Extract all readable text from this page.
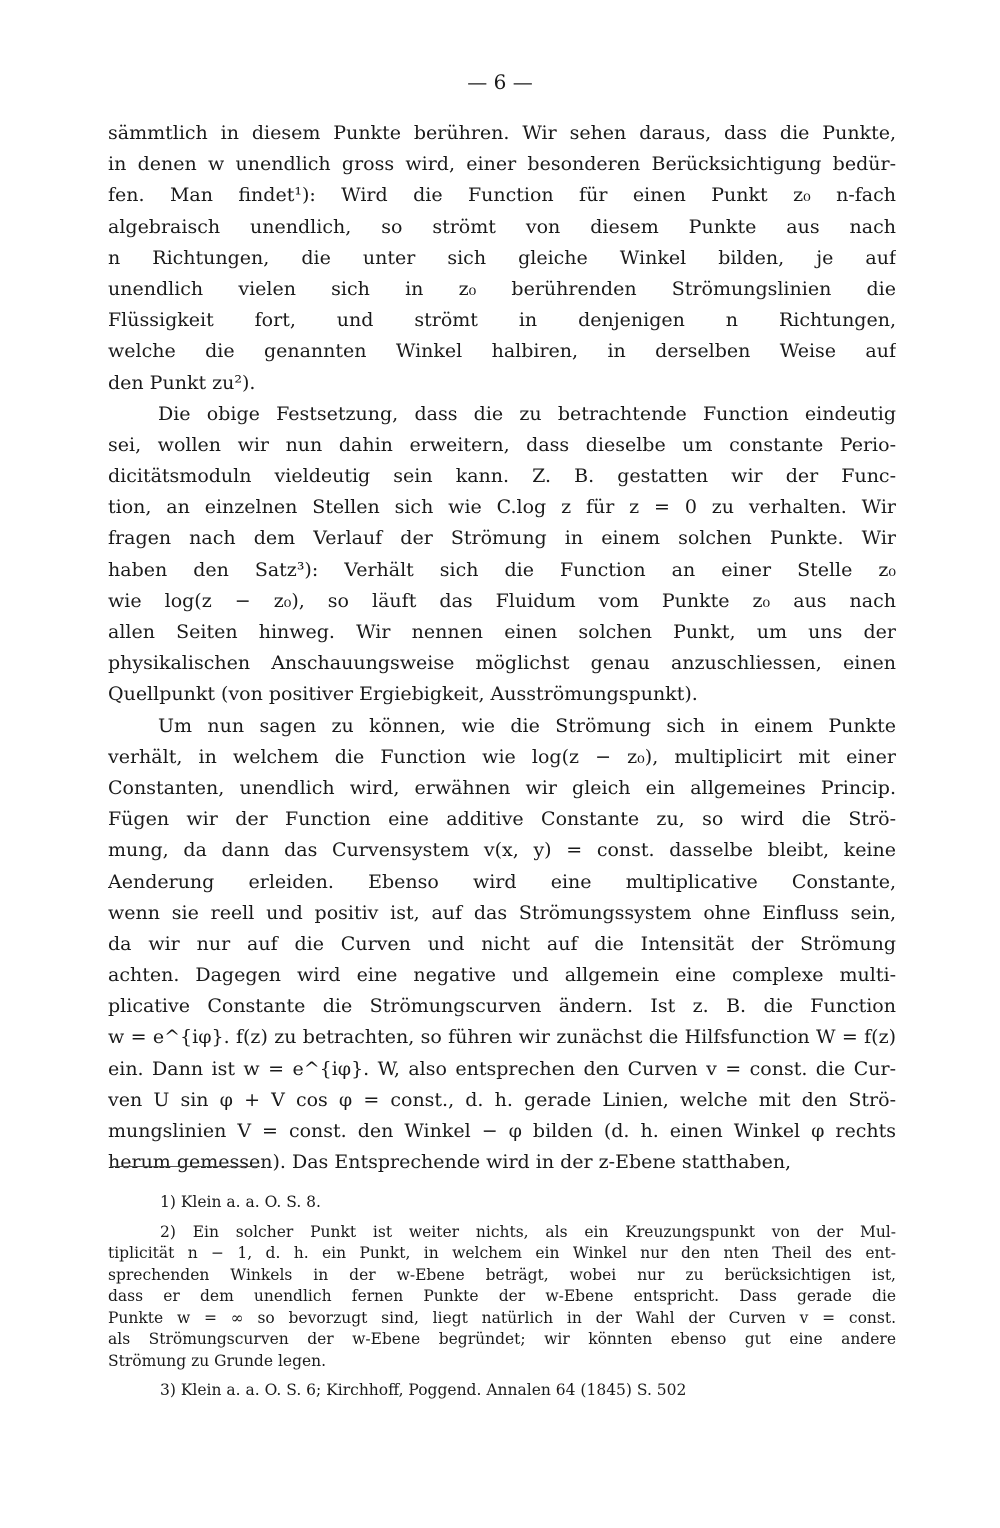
— 6 —
sämmtlich in diesem Punkte berühren. Wir sehen daraus, dass die Punkte,
in denen w unendlich gross wird, einer besonderen Berücksichtigung bedür-
fen. Man findet¹): Wird die Function für einen Punkt z₀ n-fach
algebraisch unendlich, so strömt von diesem Punkte aus nach
n Richtungen, die unter sich gleiche Winkel bilden, je auf
unendlich vielen sich in z₀ berührenden Strömungslinien die
Flüssigkeit fort, und strömt in denjenigen n Richtungen,
welche die genannten Winkel halbiren, in derselben Weise auf
den Punkt zu²).
Die obige Festsetzung, dass die zu betrachtende Function eindeutig
sei, wollen wir nun dahin erweitern, dass dieselbe um constante Perio-
dicitätsmoduln vieldeutig sein kann. Z. B. gestatten wir der Func-
tion, an einzelnen Stellen sich wie C.log z für z = 0 zu verhalten. Wir
fragen nach dem Verlauf der Strömung in einem solchen Punkte. Wir
haben den Satz³): Verhält sich die Function an einer Stelle z₀
wie log(z − z₀), so läuft das Fluidum vom Punkte z₀ aus nach
allen Seiten hinweg. Wir nennen einen solchen Punkt, um uns der
physikalischen Anschauungsweise möglichst genau anzuschliessen, einen
Quellpunkt (von positiver Ergiebigkeit, Ausströmungspunkt).
Um nun sagen zu können, wie die Strömung sich in einem Punkte
verhält, in welchem die Function wie log(z − z₀), multiplicirt mit einer
Constanten, unendlich wird, erwähnen wir gleich ein allgemeines Princip.
Fügen wir der Function eine additive Constante zu, so wird die Strö-
mung, da dann das Curvensystem v(x, y) = const. dasselbe bleibt, keine
Aenderung erleiden. Ebenso wird eine multiplicative Constante,
wenn sie reell und positiv ist, auf das Strömungssystem ohne Einfluss sein,
da wir nur auf die Curven und nicht auf die Intensität der Strömung
achten. Dagegen wird eine negative und allgemein eine complexe multi-
plicative Constante die Strömungscurven ändern. Ist z. B. die Function
w = e^{iφ}. f(z) zu betrachten, so führen wir zunächst die Hilfsfunction W = f(z)
ein. Dann ist w = e^{iφ}. W, also entsprechen den Curven v = const. die Cur-
ven U sin φ + V cos φ = const., d. h. gerade Linien, welche mit den Strö-
mungslinien V = const. den Winkel − φ bilden (d. h. einen Winkel φ rechts
herum gemessen). Das Entsprechende wird in der z-Ebene statthaben,
1) Klein a. a. O. S. 8.
2) Ein solcher Punkt ist weiter nichts, als ein Kreuzungspunkt von der Mul-
tiplicität n − 1, d. h. ein Punkt, in welchem ein Winkel nur den nten Theil des ent-
sprechenden Winkels in der w-Ebene beträgt, wobei nur zu berücksichtigen ist,
dass er dem unendlich fernen Punkte der w-Ebene entspricht. Dass gerade die
Punkte w = ∞ so bevorzugt sind, liegt natürlich in der Wahl der Curven v = const.
als Strömungscurven der w-Ebene begründet; wir könnten ebenso gut eine andere
Strömung zu Grunde legen.
3) Klein a. a. O. S. 6; Kirchhoff, Poggend. Annalen 64 (1845) S. 502
